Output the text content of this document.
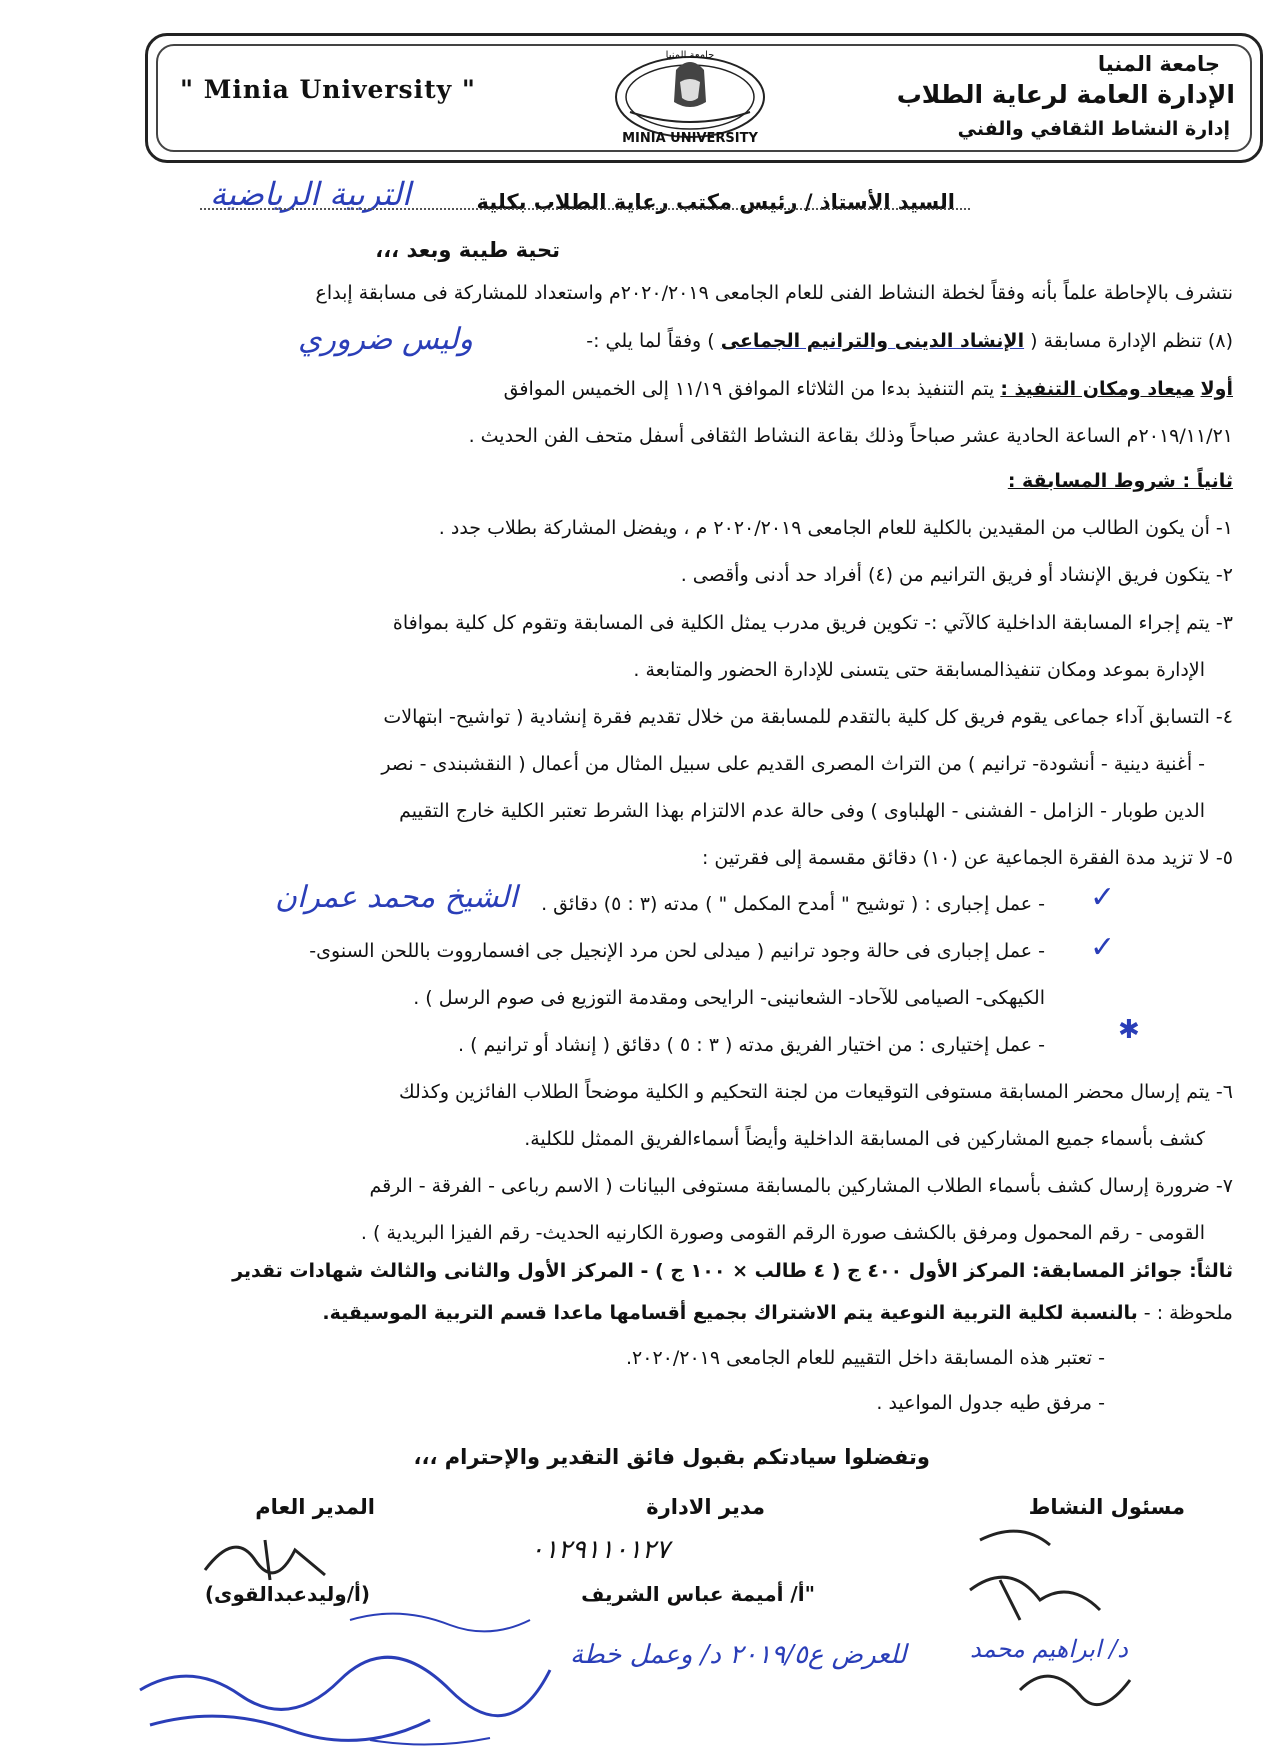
" Minia University "
MINIA UNIVERSITY
جامعة المنيا	جامعة المنيا
الإدارة العامة لرعاية الطلاب
إدارة النشاط الثقافي والفني
السيد الأستاذ / رئيس مكتب رعاية الطلاب بكلية
التربية الرياضية
تحية طيبة وبعد ،،،
نتشرف بالإحاطة علماً بأنه وفقاً لخطة النشاط الفنى للعام الجامعى ٢٠٢٠/٢٠١٩م واستعداد للمشاركة فى مسابقة إبداع
(٨) تنظم الإدارة مسابقة ( الإنشاد الدينى والترانيم الجماعى ) وفقاً لما يلي :-
وليس ضروري
أولا ميعاد ومكان التنفيذ : يتم التنفيذ بدءا من الثلاثاء الموافق ١١/١٩ إلى الخميس الموافق
٢٠١٩/١١/٢١م الساعة الحادية عشر صباحاً وذلك بقاعة النشاط الثقافى أسفل متحف الفن الحديث .
ثانياً : شروط المسابقة :
١- أن يكون الطالب من المقيدين بالكلية للعام الجامعى ٢٠٢٠/٢٠١٩ م ، ويفضل المشاركة بطلاب جدد .
٢- يتكون فريق الإنشاد أو فريق الترانيم من (٤) أفراد حد أدنى وأقصى .
٣- يتم إجراء المسابقة الداخلية كالآتي :- تكوين فريق مدرب يمثل الكلية فى المسابقة وتقوم كل كلية بموافاة
الإدارة بموعد ومكان تنفيذالمسابقة حتى يتسنى للإدارة الحضور والمتابعة .
٤- التسابق آداء جماعى يقوم فريق كل كلية بالتقدم للمسابقة من خلال تقديم فقرة إنشادية ( تواشيح- ابتهالات
- أغنية دينية - أنشودة- ترانيم ) من التراث المصرى القديم على سبيل المثال من أعمال ( النقشبندى - نصر
الدين طوبار - الزامل - الفشنى - الهلباوى ) وفى حالة عدم الالتزام بهذا الشرط تعتبر الكلية خارج التقييم
٥- لا تزيد مدة الفقرة الجماعية عن (١٠) دقائق مقسمة إلى فقرتين :
✓
- عمل إجبارى : ( توشيح " أمدح المكمل " ) مدته (٣ : ٥) دقائق .
الشيخ محمد عمران
✓
- عمل إجبارى فى حالة وجود ترانيم ( ميدلى لحن مرد الإنجيل جى افسمارووت باللحن السنوى-
الكيهكى- الصيامى للآحاد- الشعانينى- الرايحى ومقدمة التوزيع فى صوم الرسل ) .
✱
- عمل إختيارى : من اختيار الفريق مدته ( ٣ : ٥ ) دقائق ( إنشاد أو ترانيم ) .
٦- يتم إرسال محضر المسابقة مستوفى التوقيعات من لجنة التحكيم و الكلية موضحاً الطلاب الفائزين وكذلك
كشف بأسماء جميع المشاركين فى المسابقة الداخلية وأيضاً أسماءالفريق الممثل للكلية.
٧- ضرورة إرسال كشف بأسماء الطلاب المشاركين بالمسابقة مستوفى البيانات ( الاسم رباعى - الفرقة - الرقم
القومى - رقم المحمول ومرفق بالكشف صورة الرقم القومى وصورة الكارنيه الحديث- رقم الفيزا البريدية ) .
ثالثاً: جوائز المسابقة: المركز الأول ٤٠٠ ج ( ٤ طالب × ١٠٠ ج ) - المركز الأول والثانى والثالث شهادات تقدير
ملحوظة : - بالنسبة لكلية التربية النوعية يتم الاشتراك بجميع أقسامها ماعدا قسم التربية الموسيقية.
- تعتبر هذه المسابقة داخل التقييم للعام الجامعى ٢٠٢٠/٢٠١٩.
- مرفق طيه جدول المواعيد .
وتفضلوا سيادتكم بقبول فائق التقدير والإحترام ،،،
مسئول النشاط
مدير الادارة
المدير العام
٠١٢٩١١٠١٢٧
"أ/ أميمة عباس الشريف
(أ/وليدعبدالقوى)
للعرض ع٢٠١٩/٥ د/ وعمل خطة	د/ ابراهيم محمد
